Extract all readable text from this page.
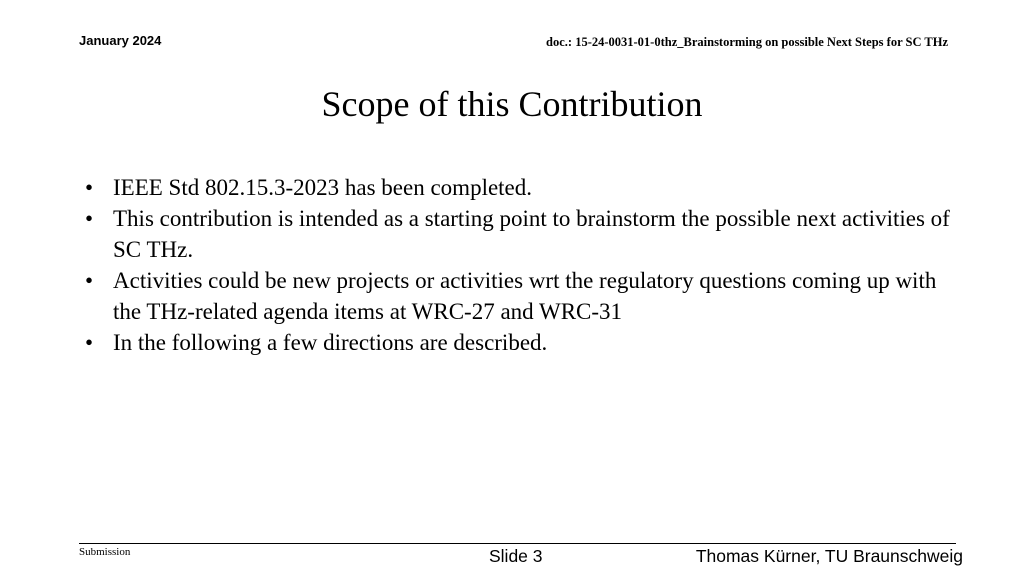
January 2024	doc.: 15-24-0031-01-0thz_Brainstorming on possible Next Steps for SC THz
Scope of this Contribution
• IEEE Std 802.15.3-2023 has been completed.
• This contribution is intended as a starting point to brainstorm the possible next activities of SC THz.
• Activities could be new projects or activities wrt the regulatory questions coming up with the THz-related agenda items at WRC-27 and WRC-31
• In the following a few directions are described.
Submission	Slide 3	Thomas Kürner, TU Braunschweig
